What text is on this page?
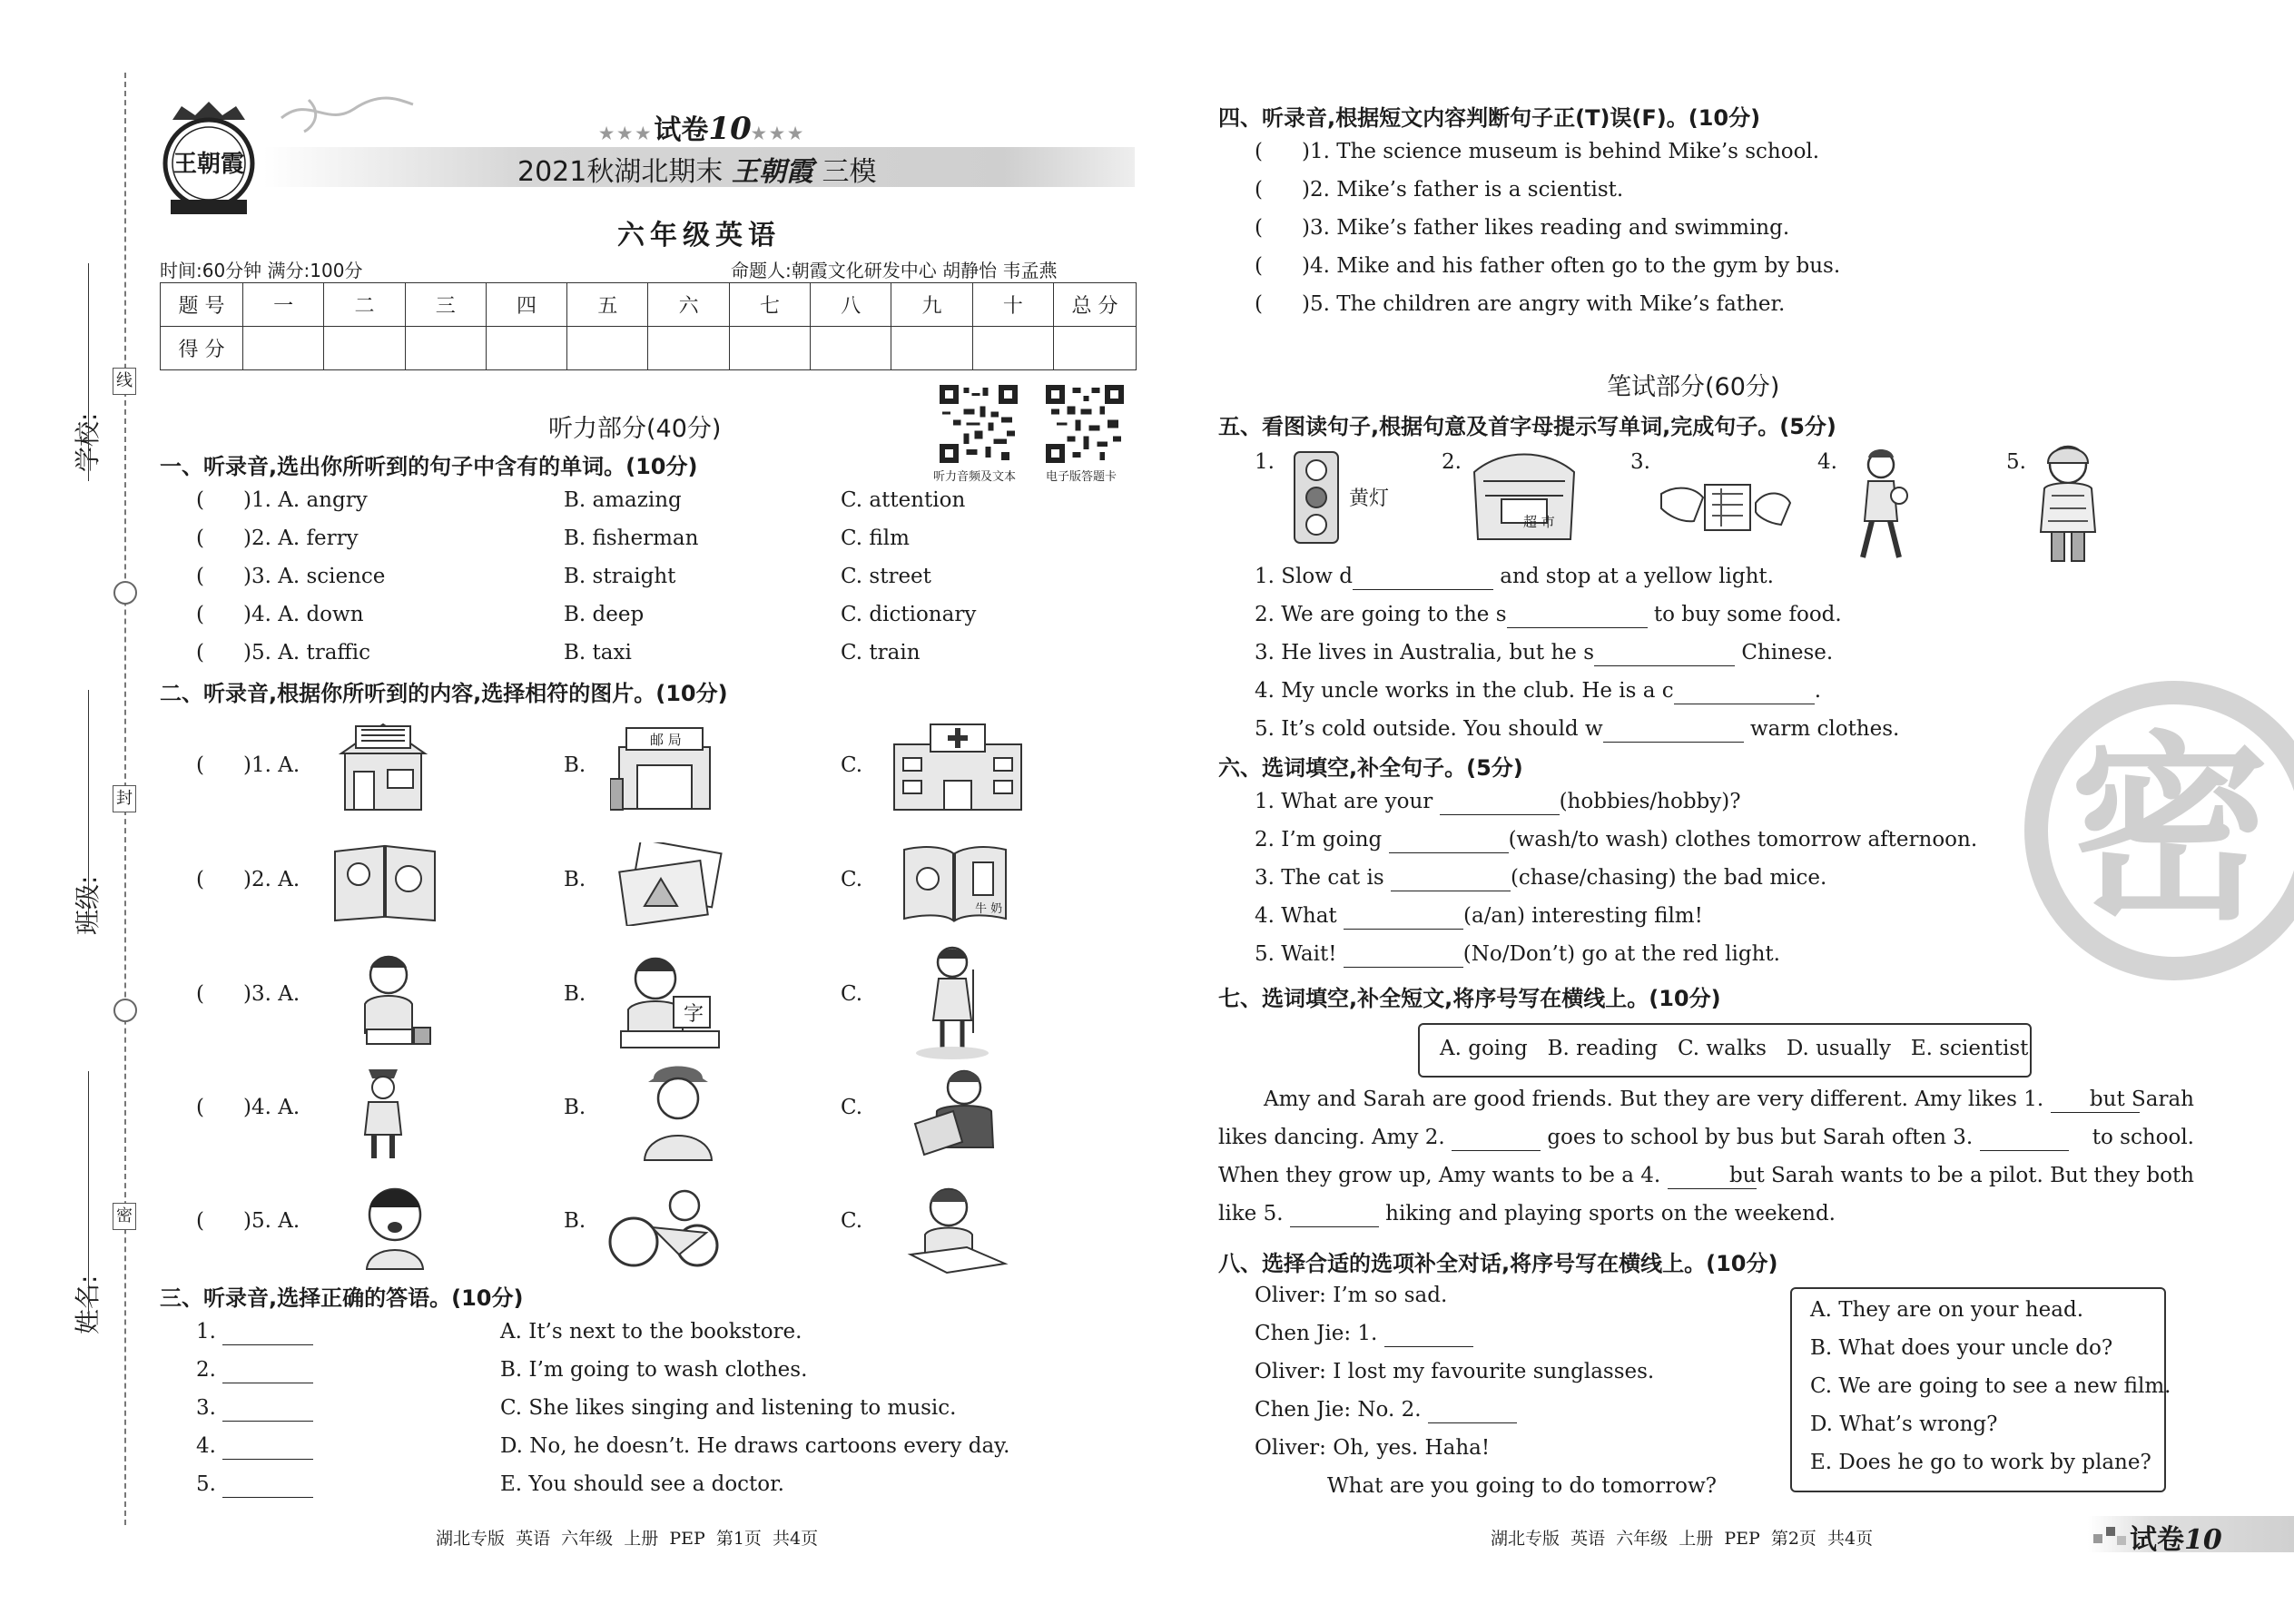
学校:
班级:
姓名:
线
封
密
王朝霞
★★★试卷10★★★
2021秋湖北期末 王朝霞 三模
六年级英语
时间:60分钟 满分:100分	命题人:朝霞文化研发中心 胡静怡 韦孟燕
题 号	一	二	三	四	五	六	七	八	九	十	总 分
得 分											
听力音频及文本	电子版答题卡
听力部分(40分)
一、听录音,选出你所听到的句子中含有的单词。(10分)
( )1. A. angry	B. amazing	C. attention
( )2. A. ferry	B. fisherman	C. film
( )3. A. science	B. straight	C. street
( )4. A. down	B. deep	C. dictionary
( )5. A. traffic	B. taxi	C. train
二、听录音,根据你所听到的内容,选择相符的图片。(10分)
( )1. A.	B.	C.
邮 局
( )2. A.	B.	C.
牛 奶
( )3. A.	B.	C.
字
( )4. A.	B.	C.
( )5. A.	B.	C.
三、听录音,选择正确的答语。(10分)
1.	A. It’s next to the bookstore.
2.	B. I’m going to wash clothes.
3.	C. She likes singing and listening to music.
4.	D. No, he doesn’t. He draws cartoons every day.
5.	E. You should see a doctor.
湖北专版  英语  六年级  上册  PEP  第1页  共4页
密
四、听录音,根据短文内容判断句子正(T)误(F)。(10分)
( )1. The science museum is behind Mike’s school.
( )2. Mike’s father is a scientist.
( )3. Mike’s father likes reading and swimming.
( )4. Mike and his father often go to the gym by bus.
( )5. The children are angry with Mike’s father.
笔试部分(60分)
五、看图读句子,根据句意及首字母提示写单词,完成句子。(5分)
1.
黄灯
2.
超 市
3.	4.	5.
1. Slow d	and stop at a yellow light.
2. We are going to the s	to buy some food.
3. He lives in Australia, but he s	Chinese.
4. My uncle works in the club. He is a c	.
5. It’s cold outside. You should w	warm clothes.
六、选词填空,补全句子。(5分)
1. What are your	(hobbies/hobby)?
2. I’m going	(wash/to wash) clothes tomorrow afternoon.
3. The cat is	(chase/chasing) the bad mice.
4. What	(a/an) interesting film!
5. Wait!	(No/Don’t) go at the red light.
七、选词填空,补全短文,将序号写在横线上。(10分)
A. going   B. reading   C. walks   D. usually   E. scientist
Amy and Sarah are good friends. But they are very different. Amy likes 1. but Sarah
likes dancing. Amy 2.	goes to school by bus but Sarah often 3.	to school.
When they grow up, Amy wants to be a 4.	but Sarah wants to be a pilot. But they both
like 5.	hiking and playing sports on the weekend.
八、选择合适的选项补全对话,将序号写在横线上。(10分)
Oliver: I’m so sad.
Chen Jie: 1.
Oliver: I lost my favourite sunglasses.
Chen Jie: No. 2.
Oliver: Oh, yes. Haha!
What are you going to do tomorrow?
A. They are on your head.
B. What does your uncle do?
C. We are going to see a new film.
D. What’s wrong?
E. Does he go to work by plane?
湖北专版  英语  六年级  上册  PEP  第2页  共4页	试卷10
